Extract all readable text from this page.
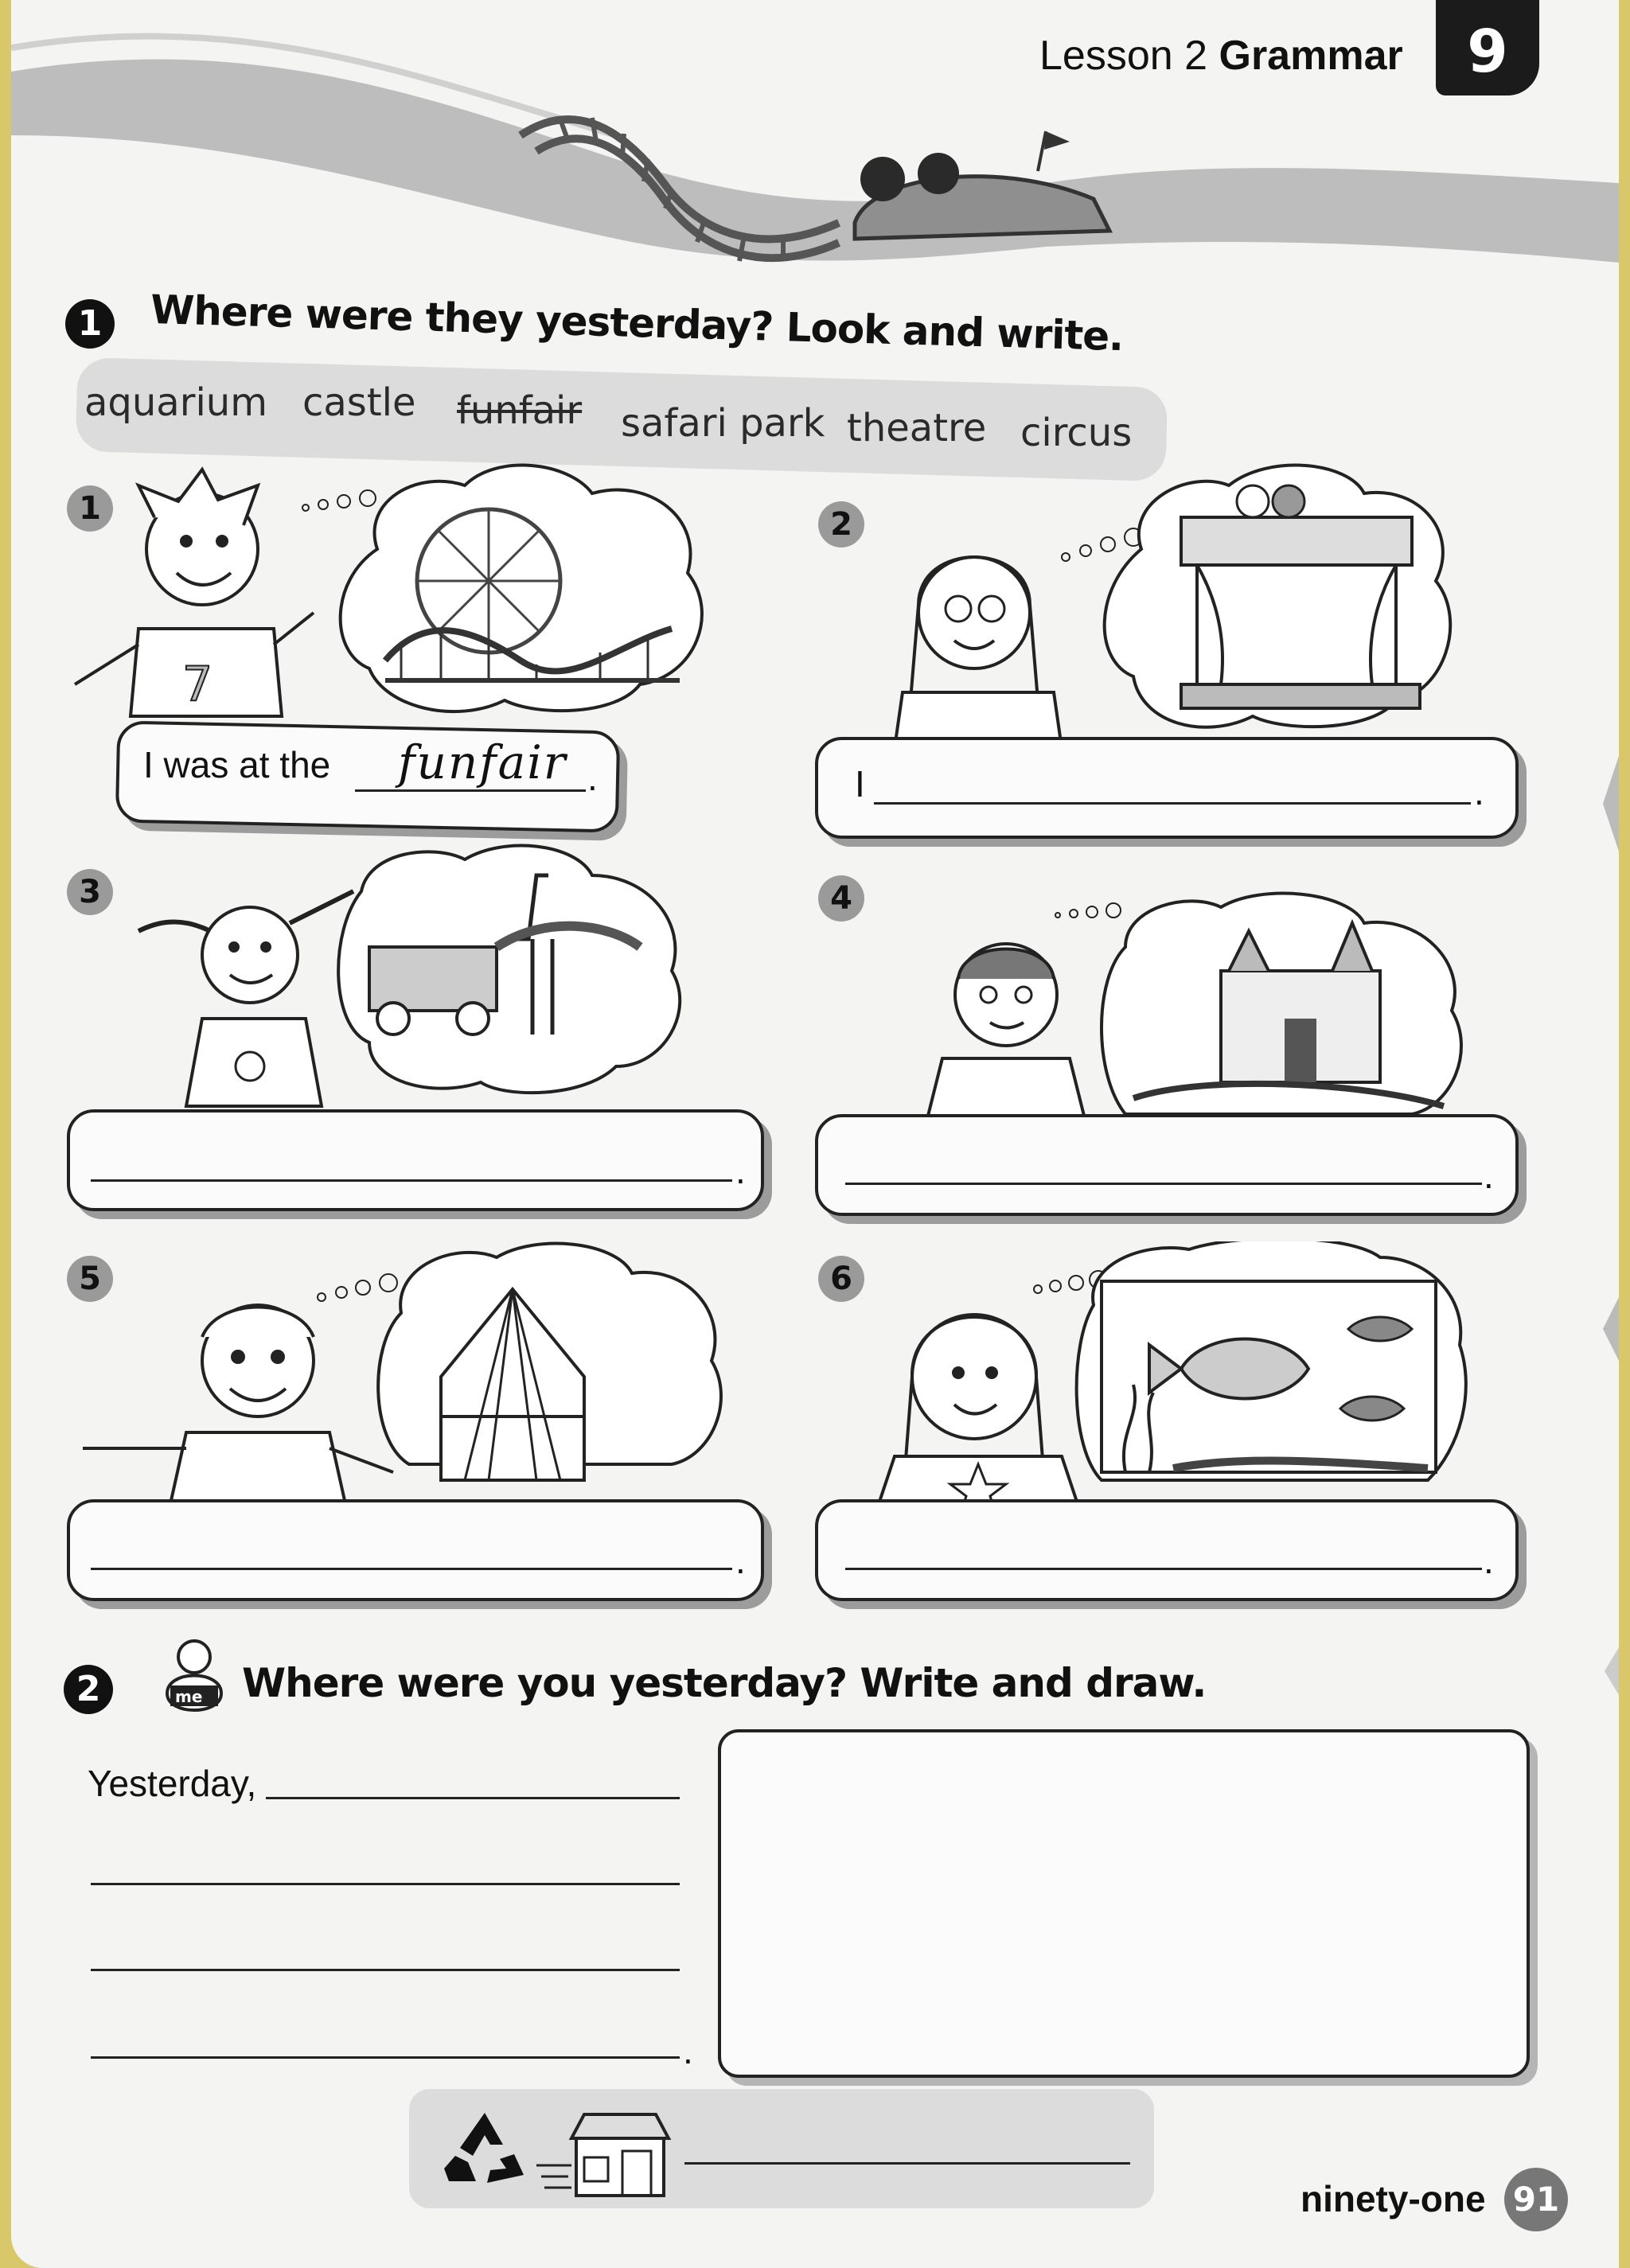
Lesson 2 Grammar	9
1	Where were they yesterday? Look and write.
aquarium castle funfair safari park theatre circus
1
7
I was at the funfair .
2
I	.
3
.
4
.
5
.
6
.
2	me Where were you yesterday? Write and draw.
Yesterday,
.
ninety-one 91
